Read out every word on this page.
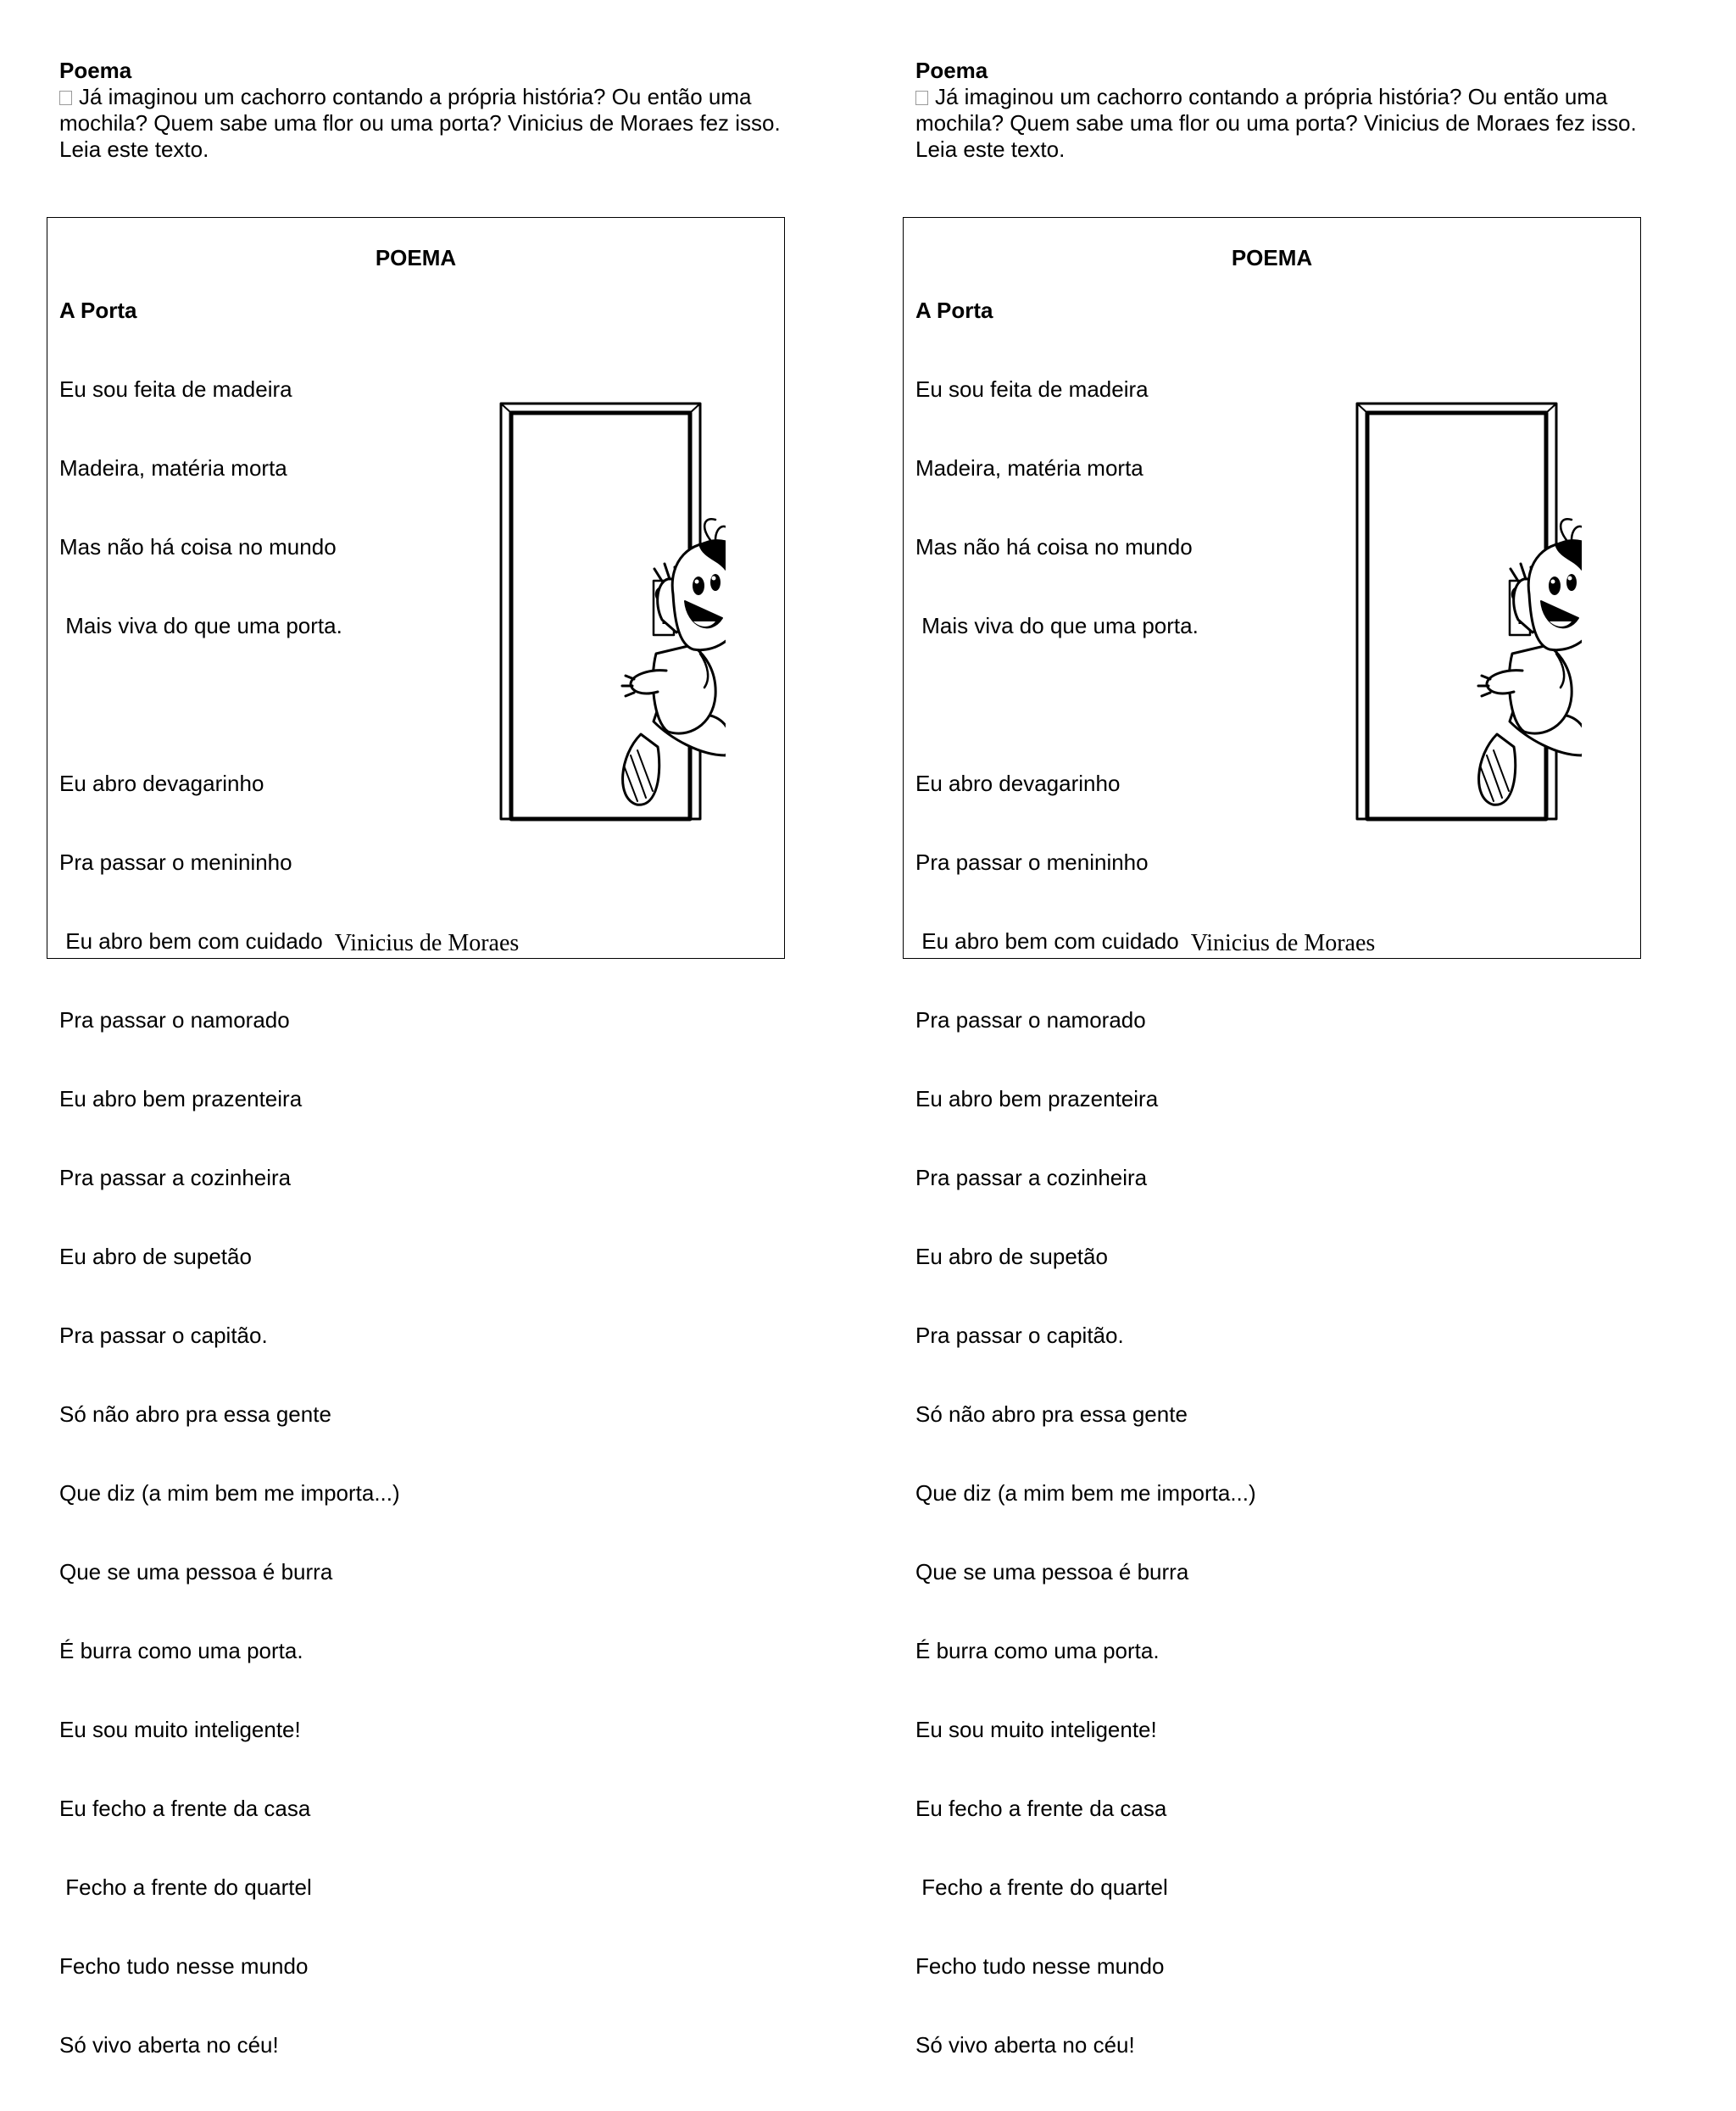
Poema
Já imaginou um cachorro contando a própria história? Ou então uma mochila? Quem sabe uma flor ou uma porta? Vinicius de Moraes fez isso. Leia este texto.
POEMA
A Porta

Eu sou feita de madeira

Madeira, matéria morta

Mas não há coisa no mundo

Mais viva do que uma porta.

Eu abro devagarinho

Pra passar o menininho

Eu abro bem com cuidado

Pra passar o namorado

Eu abro bem prazenteira

Pra passar a cozinheira

Eu abro de supetão

Pra passar o capitão.

Só não abro pra essa gente

Que diz (a mim bem me importa...)

Que se uma pessoa é burra

É burra como uma porta.

Eu sou muito inteligente!

Eu fecho a frente da casa

Fecho a frente do quartel

Fecho tudo nesse mundo

Só vivo aberta no céu!

Vinicius de Moraes
Poema
Já imaginou um cachorro contando a própria história? Ou então uma mochila? Quem sabe uma flor ou uma porta? Vinicius de Moraes fez isso. Leia este texto.
POEMA
A Porta

Eu sou feita de madeira

Madeira, matéria morta

Mas não há coisa no mundo

Mais viva do que uma porta.

Eu abro devagarinho

Pra passar o menininho

Eu abro bem com cuidado

Pra passar o namorado

Eu abro bem prazenteira

Pra passar a cozinheira

Eu abro de supetão

Pra passar o capitão.

Só não abro pra essa gente

Que diz (a mim bem me importa...)

Que se uma pessoa é burra

É burra como uma porta.

Eu sou muito inteligente!

Eu fecho a frente da casa

Fecho a frente do quartel

Fecho tudo nesse mundo

Só vivo aberta no céu!

Vinicius de Moraes
